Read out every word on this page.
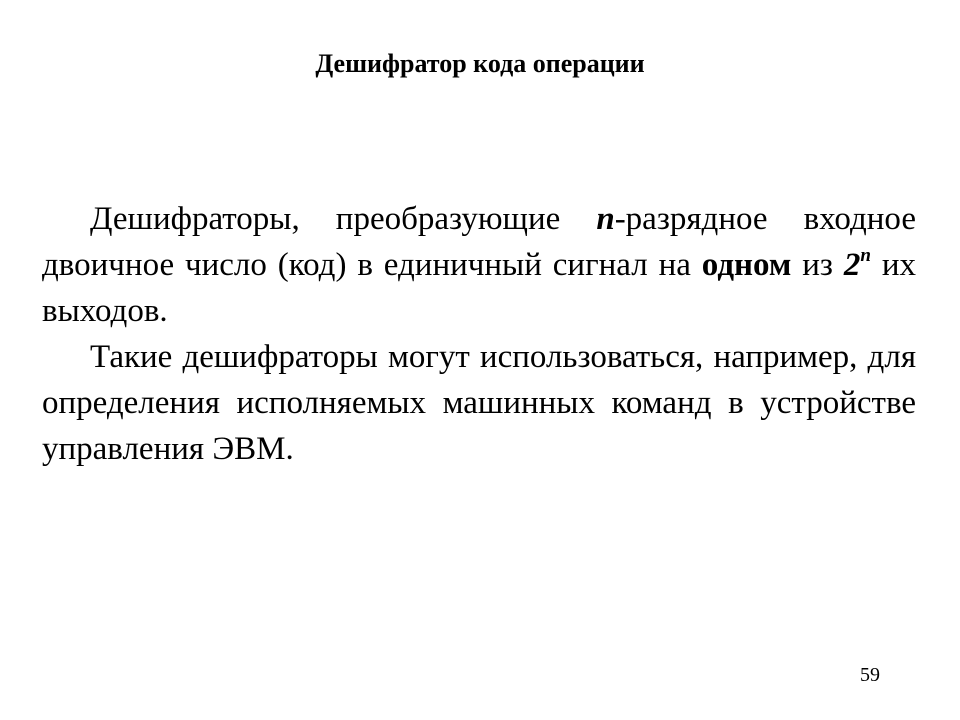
Дешифратор кода операции

Дешифраторы, преобразующие n-разрядное входное двоичное число (код) в единичный сигнал на одном из 2$^n$ их выходов.

Такие дешифраторы могут использоваться, например, для определения исполняемых машинных команд в устройстве управления ЭВМ.

59
